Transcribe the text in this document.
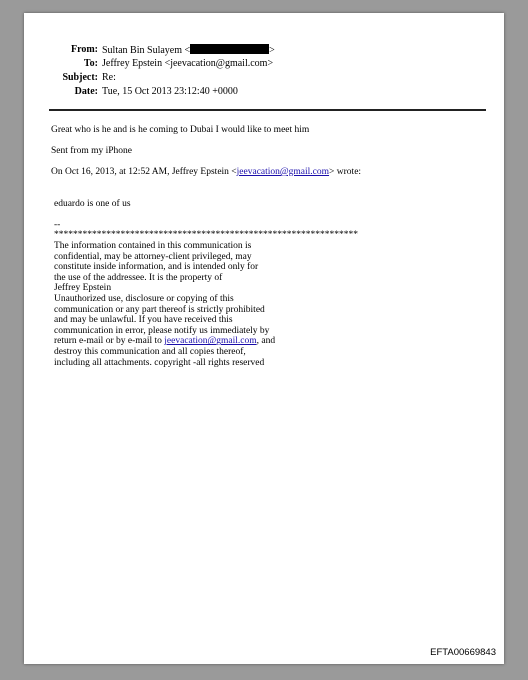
From: Sultan Bin Sulayem <	>
To: Jeffrey Epstein <jeevacation@gmail.com>
Subject: Re:
Date: Tue, 15 Oct 2013 23:12:40 +0000
Great who is he and is he coming to Dubai I would like to meet him
Sent from my iPhone
On Oct 16, 2013, at 12:52 AM, Jeffrey Epstein <jeevacation@gmail.com> wrote:
eduardo is one of us
--
****************************************************************
The information contained in this communication is
confidential, may be attorney-client privileged, may
constitute inside information, and is intended only for
the use of the addressee. It is the property of
Jeffrey Epstein
Unauthorized use, disclosure or copying of this
communication or any part thereof is strictly prohibited
and may be unlawful. If you have received this
communication in error, please notify us immediately by
return e-mail or by e-mail to jeevacation@gmail.com, and
destroy this communication and all copies thereof,
including all attachments. copyright -all rights reserved
EFTA00669843
